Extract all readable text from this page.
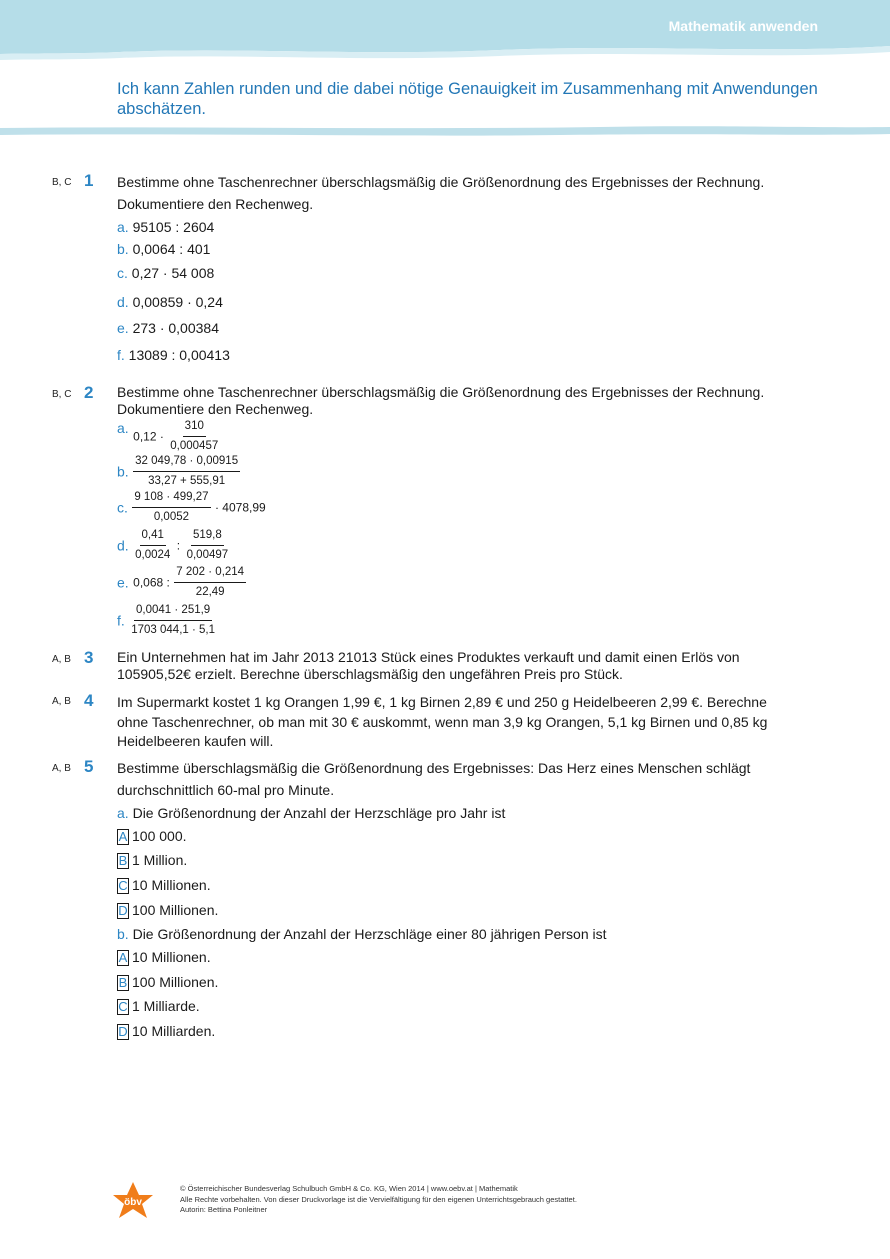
Mathematik anwenden
Ich kann Zahlen runden und die dabei nötige Genauigkeit im Zusammenhang mit Anwendungen abschätzen.
B, C 1 Bestimme ohne Taschenrechner überschlagsmäßig die Größenordnung des Ergebnisses der Rechnung.
Dokumentiere den Rechenweg.
a. 95105 : 2604
b. 0,0064 : 401
c. 0,27 · 54 008
d. 0,00859 · 0,24
e. 273 · 0,00384
f. 13089 : 0,00413
B, C 2 Bestimme ohne Taschenrechner überschlagsmäßig die Größenordnung des Ergebnisses der Rechnung.
Dokumentiere den Rechenweg.
a. $0,12 \cdot \frac{310}{0,000457}$
b. $\frac{32 049,78 \cdot 0,00915}{33,27 + 555,91}$
c. $\frac{9 108 \cdot 499,27}{0,0052} \cdot 4078,99$
d. $\frac{0,41}{0,0024}$ : $\frac{519,8}{0,00497}$
e. 0,068 : $\frac{7 202 \cdot 0,214}{22,49}$
f. $\frac{0,0041 \cdot 251,9}{1703 044,1 \cdot 5,1}$
A, B 3 Ein Unternehmen hat im Jahr 2013 21013 Stück eines Produktes verkauft und damit einen Erlös von
105905,52€ erzielt. Berechne überschlagsmäßig den ungefähren Preis pro Stück.
A, B 4 Im Supermarkt kostet 1 kg Orangen 1,99 €, 1 kg Birnen 2,89 € und 250 g Heidelbeeren 2,99 €. Berechne
ohne Taschenrechner, ob man mit 30 € auskommt, wenn man 3,9 kg Orangen, 5,1 kg Birnen und 0,85 kg
Heidelbeeren kaufen will.
A, B 5 Bestimme überschlagsmäßig die Größenordnung des Ergebnisses: Das Herz eines Menschen schlägt
durchschnittlich 60-mal pro Minute.
a. Die Größenordnung der Anzahl der Herzschläge pro Jahr ist
A 100 000.
B 1 Million.
C 10 Millionen.
D 100 Millionen.
b. Die Größenordnung der Anzahl der Herzschläge einer 80 jährigen Person ist
A 10 Millionen.
B 100 Millionen.
C 1 Milliarde.
D 10 Milliarden.
öbv
© Österreichischer Bundesverlag Schulbuch GmbH & Co. KG, Wien 2014 | www.oebv.at | Mathematik
Alle Rechte vorbehalten. Von dieser Druckvorlage ist die Vervielfältigung für den eigenen Unterrichtsgebrauch gestattet.
Autorin: Bettina Ponleitner
